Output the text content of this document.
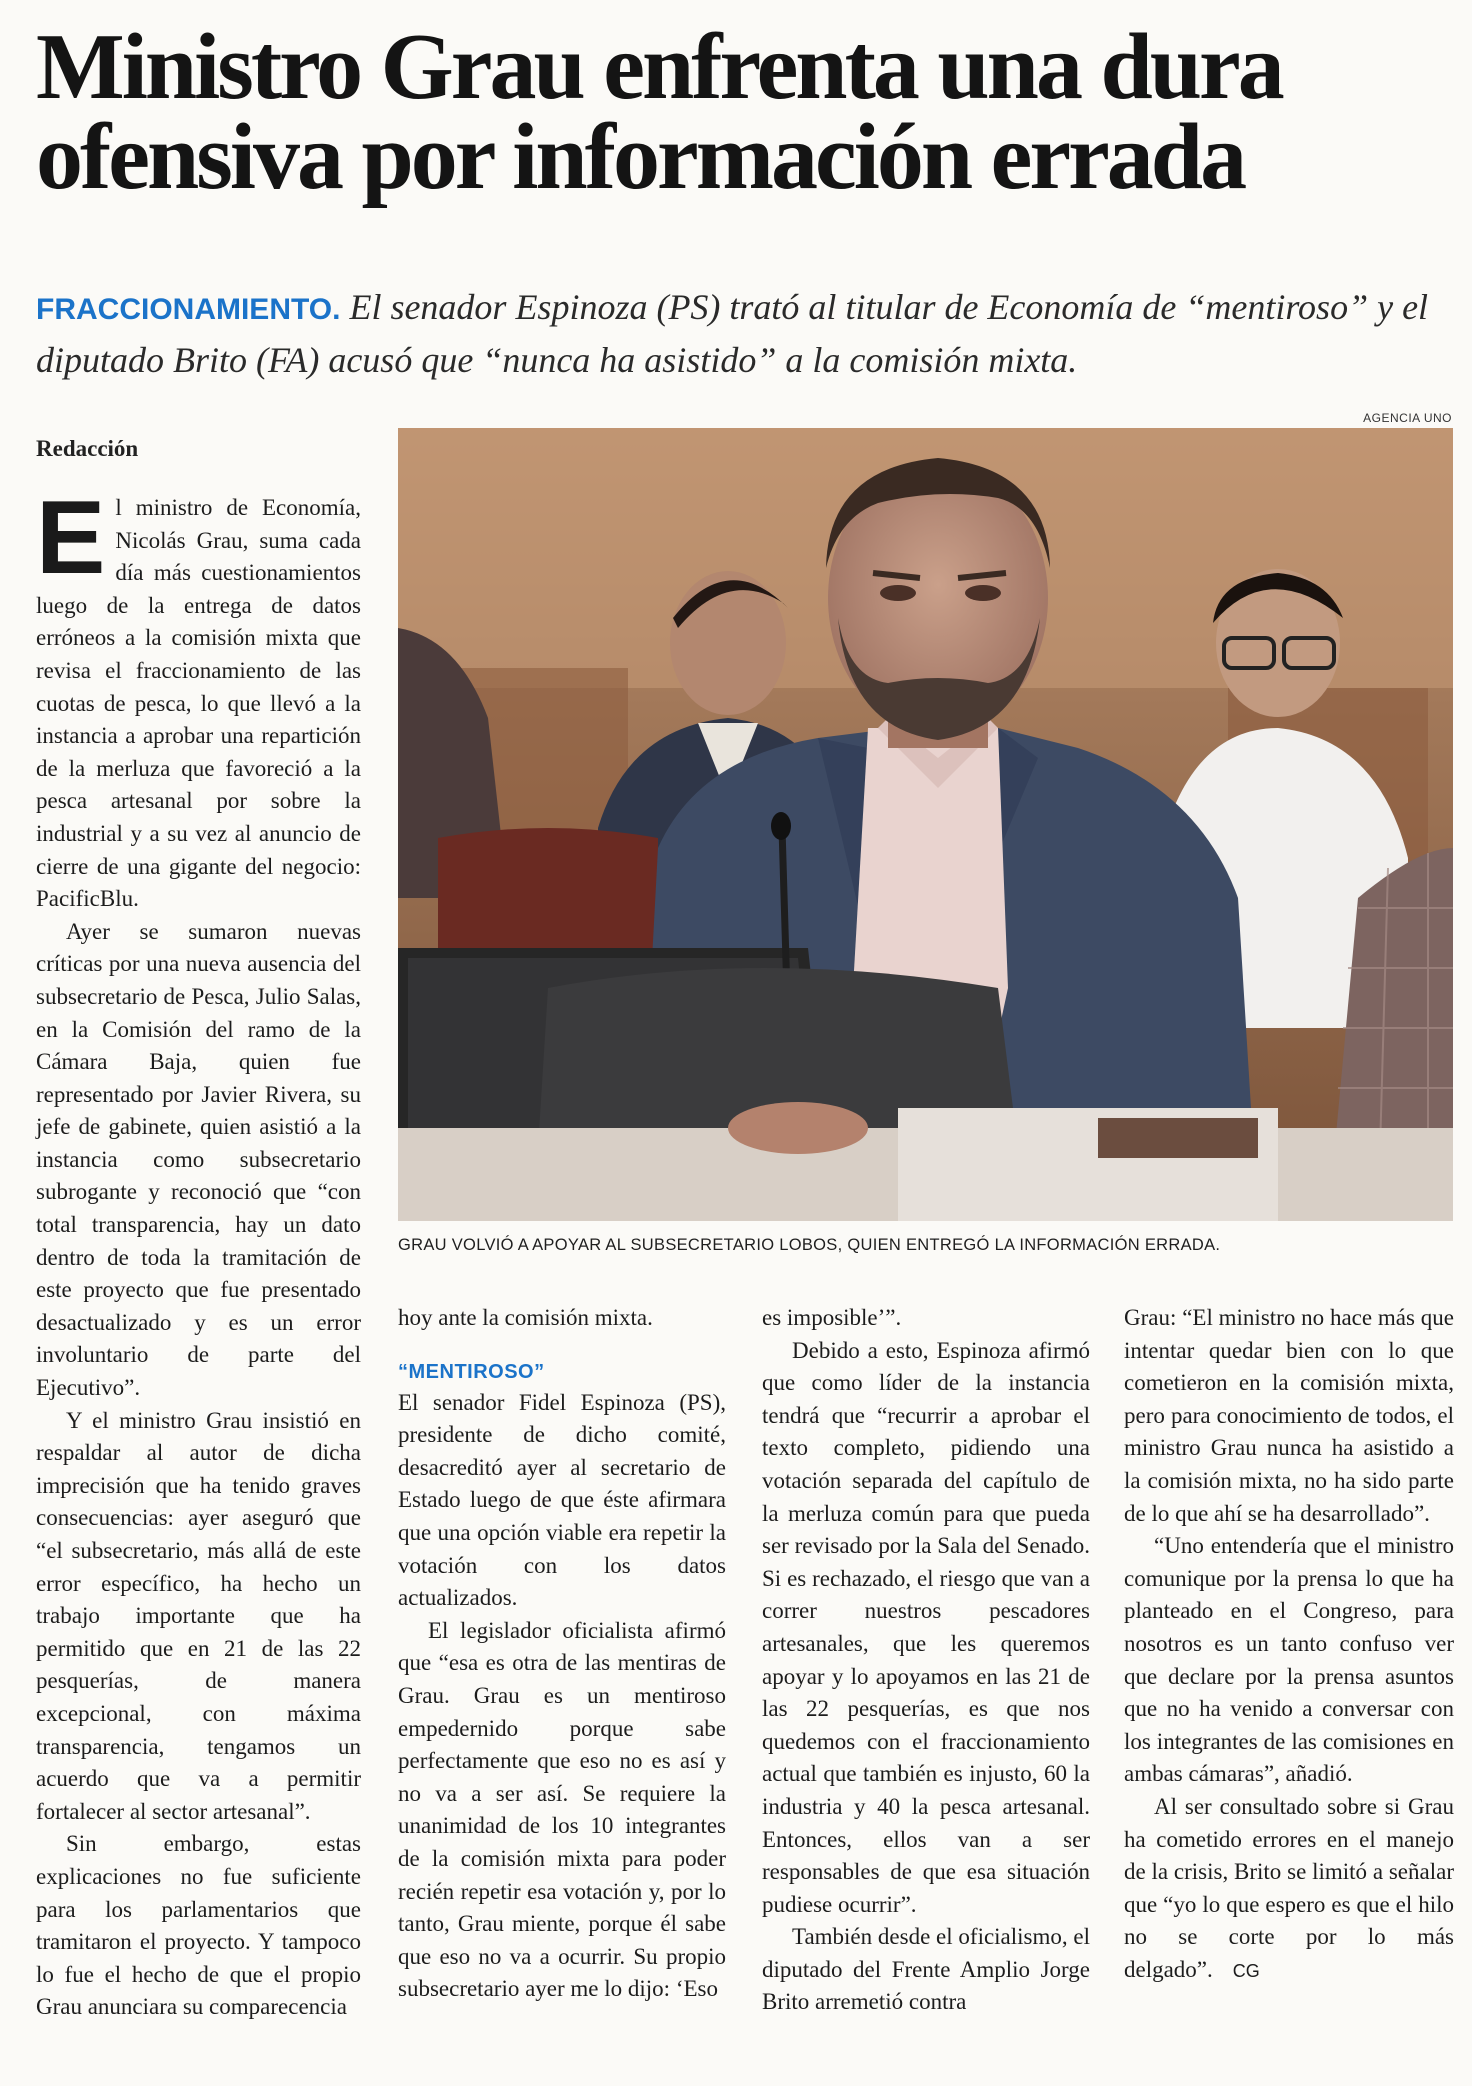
Ministro Grau enfrenta una dura ofensiva por información errada

FRACCIONAMIENTO. El senador Espinoza (PS) trató al titular de Economía de “mentiroso” y el diputado Brito (FA) acusó que “nunca ha asistido” a la comisión mixta.

AGENCIA UNO
GRAU VOLVIÓ A APOYAR AL SUBSECRETARIO LOBOS, QUIEN ENTREGÓ LA INFORMACIÓN ERRADA.
Redacción

El ministro de Economía, Nicolás Grau, suma cada día más cuestionamientos luego de la entrega de datos erróneos a la comisión mixta que revisa el fraccionamiento de las cuotas de pesca, lo que llevó a la instancia a aprobar una repartición de la merluza que favoreció a la pesca artesanal por sobre la industrial y a su vez al anuncio de cierre de una gigante del negocio: PacificBlu.

Ayer se sumaron nuevas críticas por una nueva ausencia del subsecretario de Pesca, Julio Salas, en la Comisión del ramo de la Cámara Baja, quien fue representado por Javier Rivera, su jefe de gabinete, quien asistió a la instancia como subsecretario subrogante y reconoció que “con total transparencia, hay un dato dentro de toda la tramitación de este proyecto que fue presentado desactualizado y es un error involuntario de parte del Ejecutivo”.

Y el ministro Grau insistió en respaldar al autor de dicha imprecisión que ha tenido graves consecuencias: ayer aseguró que “el subsecretario, más allá de este error específico, ha hecho un trabajo importante que ha permitido que en 21 de las 22 pesquerías, de manera excepcional, con máxima transparencia, tengamos un acuerdo que va a permitir fortalecer al sector artesanal”.

Sin embargo, estas explicaciones no fue suficiente para los parlamentarios que tramitaron el proyecto. Y tampoco lo fue el hecho de que el propio Grau anunciara su comparecencia

hoy ante la comisión mixta.

“MENTIROSO”

El senador Fidel Espinoza (PS), presidente de dicho comité, desacreditó ayer al secretario de Estado luego de que éste afirmara que una opción viable era repetir la votación con los datos actualizados.

El legislador oficialista afirmó que “esa es otra de las mentiras de Grau. Grau es un mentiroso empedernido porque sabe perfectamente que eso no es así y no va a ser así. Se requiere la unanimidad de los 10 integrantes de la comisión mixta para poder recién repetir esa votación y, por lo tanto, Grau miente, porque él sabe que eso no va a ocurrir. Su propio subsecretario ayer me lo dijo: ‘Eso

es imposible’”.

Debido a esto, Espinoza afirmó que como líder de la instancia tendrá que “recurrir a aprobar el texto completo, pidiendo una votación separada del capítulo de la merluza común para que pueda ser revisado por la Sala del Senado. Si es rechazado, el riesgo que van a correr nuestros pescadores artesanales, que les queremos apoyar y lo apoyamos en las 21 de las 22 pesquerías, es que nos quedemos con el fraccionamiento actual que también es injusto, 60 la industria y 40 la pesca artesanal. Entonces, ellos van a ser responsables de que esa situación pudiese ocurrir”.

También desde el oficialismo, el diputado del Frente Amplio Jorge Brito arremetió contra

Grau: “El ministro no hace más que intentar quedar bien con lo que cometieron en la comisión mixta, pero para conocimiento de todos, el ministro Grau nunca ha asistido a la comisión mixta, no ha sido parte de lo que ahí se ha desarrollado”.

“Uno entendería que el ministro comunique por la prensa lo que ha planteado en el Congreso, para nosotros es un tanto confuso ver que declare por la prensa asuntos que no ha venido a conversar con los integrantes de las comisiones en ambas cámaras”, añadió.

Al ser consultado sobre si Grau ha cometido errores en el manejo de la crisis, Brito se limitó a señalar que “yo lo que espero es que el hilo no se corte por lo más delgado”. CG
